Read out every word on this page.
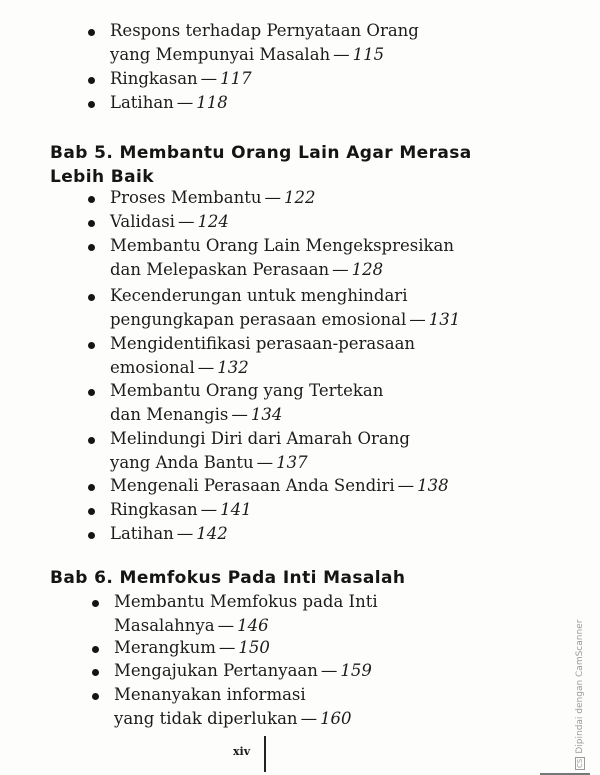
Respons terhadap Pernyataan Orang
yang Mempunyai Masalah — 115
Ringkasan — 117
Latihan — 118
Bab 5. Membantu Orang Lain Agar Merasa
Lebih Baik
Proses Membantu — 122
Validasi — 124
Membantu Orang Lain Mengekspresikan
dan Melepaskan Perasaan — 128
Kecenderungan untuk menghindari
pengungkapan perasaan emosional — 131
Mengidentifikasi perasaan-perasaan
emosional — 132
Membantu Orang yang Tertekan
dan Menangis — 134
Melindungi Diri dari Amarah Orang
yang Anda Bantu — 137
Mengenali Perasaan Anda Sendiri — 138
Ringkasan — 141
Latihan — 142
Bab 6. Memfokus Pada Inti Masalah
Membantu Memfokus pada Inti
Masalahnya — 146
Merangkum — 150
Mengajukan Pertanyaan — 159
Menanyakan informasi
yang tidak diperlukan — 160
xiv
CSDipindai dengan CamScanner
